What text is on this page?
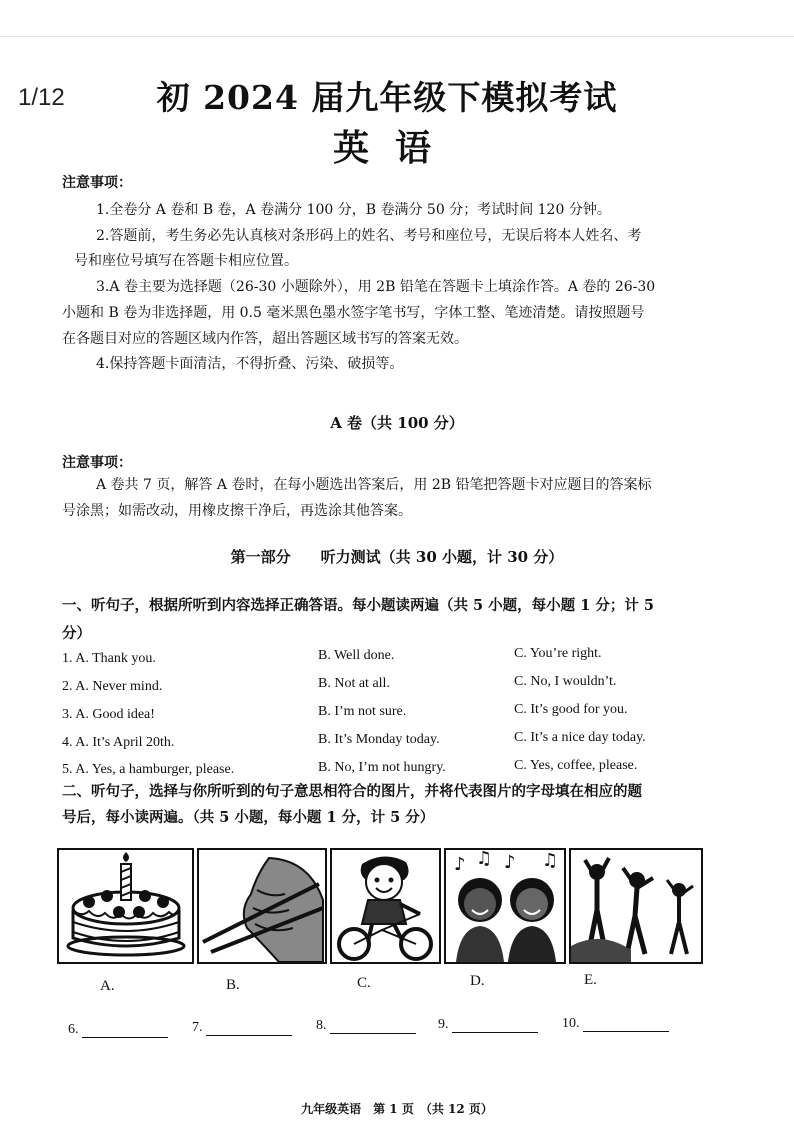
1/12	初 2024 届九年级下模拟考试
英语
注意事项：
1.全卷分 A 卷和 B 卷，A 卷满分 100 分，B 卷满分 50 分；考试时间 120 分钟。
2.答题前，考生务必先认真核对条形码上的姓名、考号和座位号，无误后将本人姓名、考
号和座位号填写在答题卡相应位置。
3.A 卷主要为选择题（26-30 小题除外），用 2B 铅笔在答题卡上填涂作答。A 卷的 26-30
小题和 B 卷为非选择题，用 0.5 毫米黑色墨水签字笔书写，字体工整、笔迹清楚。请按照题号
在各题目对应的答题区域内作答，超出答题区域书写的答案无效。
4.保持答题卡面清洁，不得折叠、污染、破损等。
A 卷（共 100 分）
注意事项：
A 卷共 7 页，解答 A 卷时，在每小题选出答案后，用 2B 铅笔把答题卡对应题目的答案标
号涂黑；如需改动，用橡皮擦干净后，再选涂其他答案。
第一部分　　听力测试（共 30 小题，计 30 分）
一、听句子，根据所听到内容选择正确答语。每小题读两遍（共 5 小题，每小题 1 分；计 5
分）
1. A. Thank you.	B. Well done.	C. You’re right.
2. A. Never mind.	B. Not at all.	C. No, I wouldn’t.
3. A. Good idea!	B. I’m not sure.	C. It’s good for you.
4. A. It’s April 20th.	B. It’s Monday today.	C. It’s a nice day today.
5. A. Yes, a hamburger, please.	B. No, I’m not hungry.	C. Yes, coffee, please.
二、听句子，选择与你所听到的句子意思相符合的图片，并将代表图片的字母填在相应的题
号后，每小读两遍。（共 5 小题，每小题 1 分，计 5 分）
♪ ♫ ♪ ♫
A.	B.	C.	D.	E.
6.	7.	8.	9.	10.
九年级英语　第 1 页　（共 12 页）
